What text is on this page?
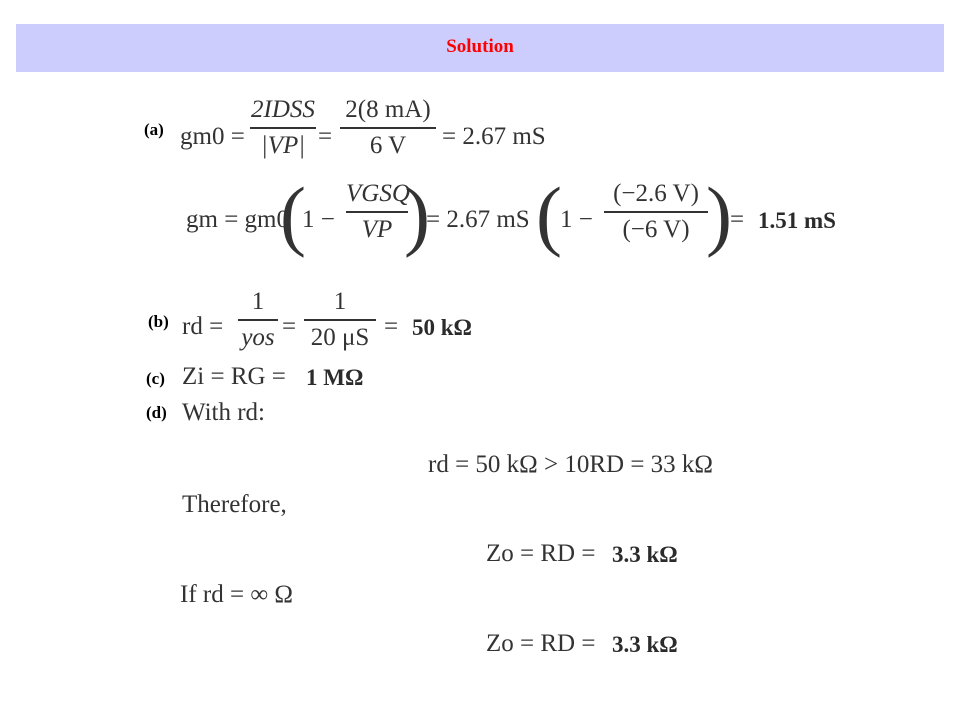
Solution
(a) gm0 =
2IDSS
|VP| =
2(8 mA)
6 V	= 2.67 mS
gm = gm0
(
1 −
VGSQ
VP )
= 2.67 mS (
1 −
(−2.6 V)
(−6 V) )
= 1.51 mS
(b) rd =
1
yos =
1
20 μS = 50 kΩ
(c) Zi = RG = 1 MΩ
(d) With rd:
rd = 50 kΩ > 10RD = 33 kΩ
Therefore,
Zo = RD = 3.3 kΩ
If rd = ∞ Ω
Zo = RD = 3.3 kΩ
